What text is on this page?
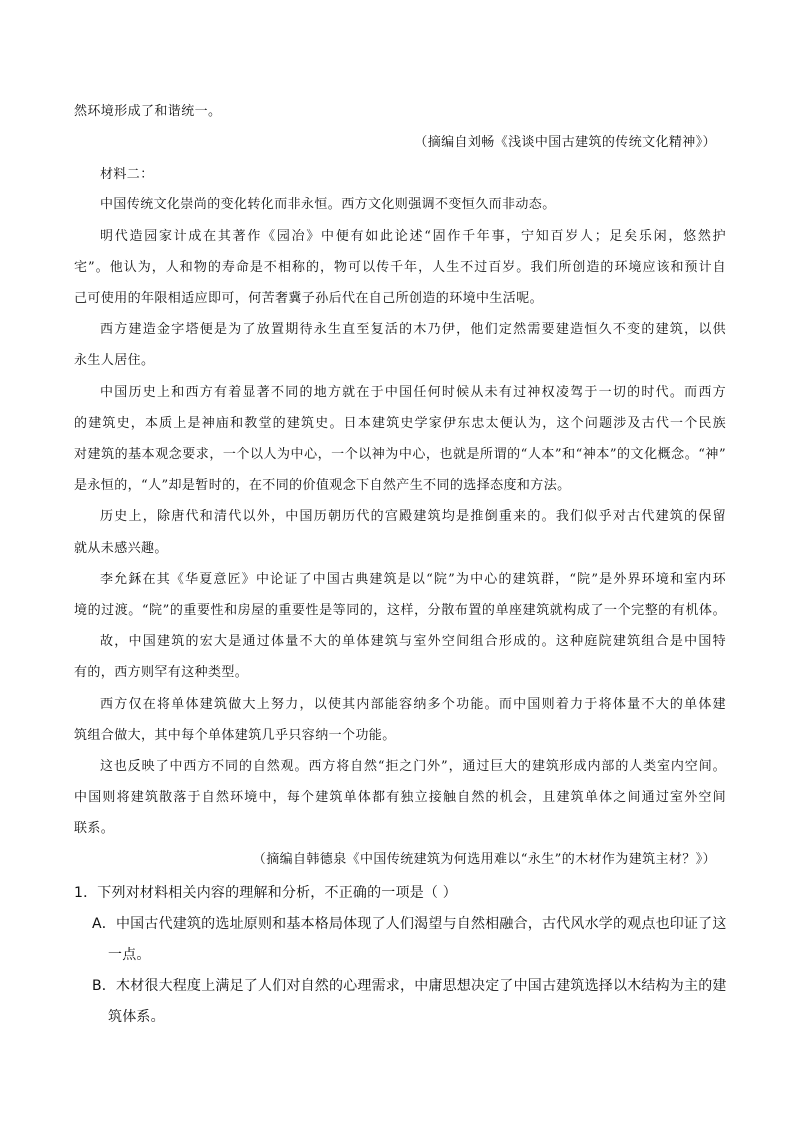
然环境形成了和谐统一。
（摘编自刘畅《浅谈中国古建筑的传统文化精神》）
材料二：
中国传统文化崇尚的变化转化而非永恒。西方文化则强调不变恒久而非动态。
明代造园家计成在其著作《园冶》中便有如此论述“固作千年事，宁知百岁人；足矣乐闲，悠然护
宅”。他认为，人和物的寿命是不相称的，物可以传千年，人生不过百岁。我们所创造的环境应该和预计自
己可使用的年限相适应即可，何苦奢冀子孙后代在自己所创造的环境中生活呢。
西方建造金字塔便是为了放置期待永生直至复活的木乃伊，他们定然需要建造恒久不变的建筑，以供
永生人居住。
中国历史上和西方有着显著不同的地方就在于中国任何时候从未有过神权凌驾于一切的时代。而西方
的建筑史，本质上是神庙和教堂的建筑史。日本建筑史学家伊东忠太便认为，这个问题涉及古代一个民族
对建筑的基本观念要求，一个以人为中心，一个以神为中心，也就是所谓的“人本”和“神本”的文化概念。“神”
是永恒的，“人”却是暂时的，在不同的价值观念下自然产生不同的选择态度和方法。
历史上，除唐代和清代以外，中国历朝历代的宫殿建筑均是推倒重来的。我们似乎对古代建筑的保留
就从未感兴趣。
李允鉌在其《华夏意匠》中论证了中国古典建筑是以“院”为中心的建筑群，“院”是外界环境和室内环
境的过渡。“院”的重要性和房屋的重要性是等同的，这样，分散布置的单座建筑就构成了一个完整的有机体。
故，中国建筑的宏大是通过体量不大的单体建筑与室外空间组合形成的。这种庭院建筑组合是中国特
有的，西方则罕有这种类型。
西方仅在将单体建筑做大上努力，以使其内部能容纳多个功能。而中国则着力于将体量不大的单体建
筑组合做大，其中每个单体建筑几乎只容纳一个功能。
这也反映了中西方不同的自然观。西方将自然“拒之门外”，通过巨大的建筑形成内部的人类室内空间。
中国则将建筑散落于自然环境中，每个建筑单体都有独立接触自然的机会，且建筑单体之间通过室外空间
联系。
（摘编自韩德泉《中国传统建筑为何选用难以“永生”的木材作为建筑主材？》）
1．下列对材料相关内容的理解和分析，不正确的一项是（ ）
A．中国古代建筑的选址原则和基本格局体现了人们渴望与自然相融合，古代风水学的观点也印证了这
一点。
B．木材很大程度上满足了人们对自然的心理需求，中庸思想决定了中国古建筑选择以木结构为主的建
筑体系。
